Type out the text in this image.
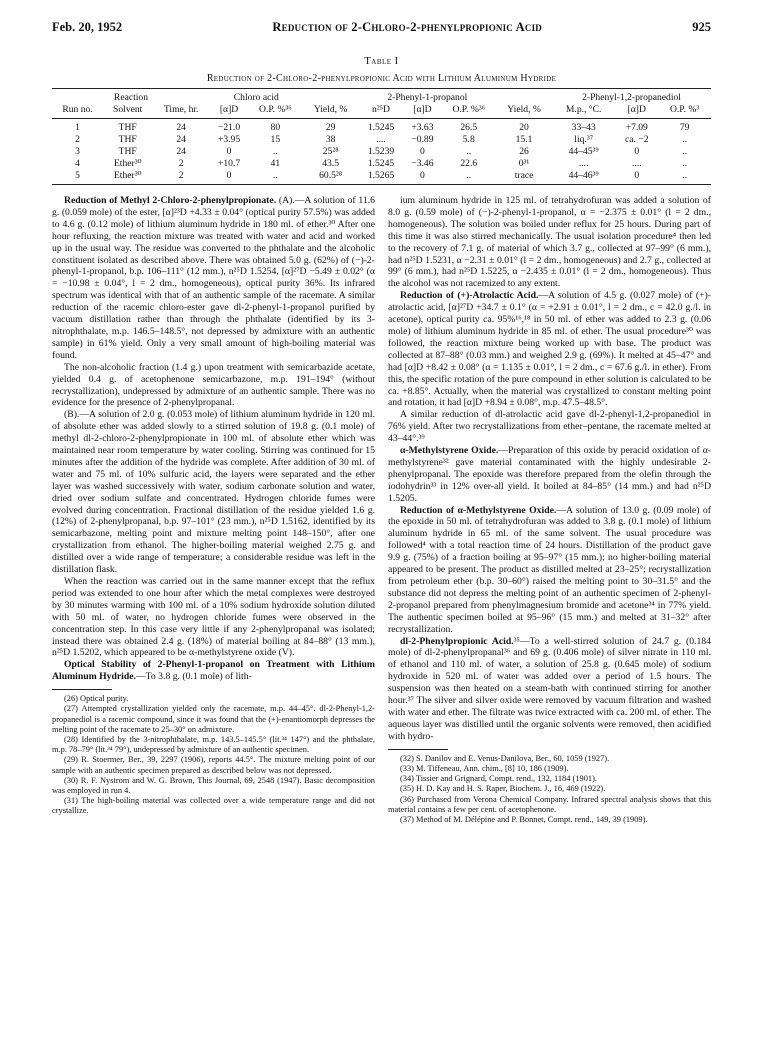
Feb. 20, 1952	Reduction of 2-Chloro-2-phenylpropionic Acid	925
Table I
Reduction of 2-Chloro-2-phenylpropionic Acid with Lithium Aluminum Hydride
Reaction			Chloro acid		2-Phenyl-1-propanol					2-Phenyl-1,2-propanediol		
Run no.	Solvent	Time, hr.	[α]D	O.P. %³⁶	Yield, %	n²⁵D	[α]D	O.P. %³⁶	Yield, %	M.p., °C.	[α]D	O.P. %³
1	THF	24	−21.0	80	29	1.5245	+3.63	26.5	20	33–43	+7.09	79
2	THF	24	+3.95	15	38	....	−0.89	5.8	15.1	liq.³⁷	ca. −2	..
3	THF	24	0	..	25²⁸	1.5239	0	..	26	44–45³⁹	0	..
4	Ether³⁰	2	+10.7	41	43.5	1.5245	−3.46	22.6	0³¹	....	....	..
5	Ether³⁰	2	0	..	60.5²⁸	1.5265	0	..	trace	44–46³⁹	0	..

Reduction of Methyl 2-Chloro-2-phenylpropionate. (A).—A solution of 11.6 g. (0.059 mole) of the ester, [α]²³D +4.33 ± 0.04° (optical purity 57.5%) was added to 4.6 g. (0.12 mole) of lithium aluminum hydride in 180 ml. of ether.³⁰ After one hour refluxing, the reaction mixture was treated with water and acid and worked up in the usual way. The residue was converted to the phthalate and the alcoholic constituent isolated as described above. There was obtained 5.0 g. (62%) of (−)-2-phenyl-1-propanol, b.p. 106–111° (12 mm.), n²⁵D 1.5254, [α]²⁷D −5.49 ± 0.02° (α = −10.98 ± 0.04°, l = 2 dm., homogeneous), optical purity 36%. Its infrared spectrum was identical with that of an authentic sample of the racemate. A similar reduction of the racemic chloro-ester gave dl-2-phenyl-1-propanol purified by vacuum distillation rather than through the phthalate (identified by its 3-nitrophthalate, m.p. 146.5–148.5°, not depressed by admixture with an authentic sample) in 61% yield. Only a very small amount of high-boiling material was found.

The non-alcoholic fraction (1.4 g.) upon treatment with semicarbazide acetate, yielded 0.4 g. of acetophenone semicarbazone, m.p. 191–194° (without recrystallization), undepressed by admixture of an authentic sample. There was no evidence for the presence of 2-phenylpropanal.

(B).—A solution of 2.0 g. (0.053 mole) of lithium aluminum hydride in 120 ml. of absolute ether was added slowly to a stirred solution of 19.8 g. (0.1 mole) of methyl dl-2-chloro-2-phenylpropionate in 100 ml. of absolute ether which was maintained near room temperature by water cooling. Stirring was continued for 15 minutes after the addition of the hydride was complete. After addition of 30 ml. of water and 75 ml. of 10% sulfuric acid, the layers were separated and the ether layer was washed successively with water, sodium carbonate solution and water, dried over sodium sulfate and concentrated. Hydrogen chloride fumes were evolved during concentration. Fractional distillation of the residue yielded 1.6 g. (12%) of 2-phenylpropanal, b.p. 97–101° (23 mm.), n²⁵D 1.5162, identified by its semicarbazone, melting point and mixture melting point 148–150°, after one crystallization from ethanol. The higher-boiling material weighed 2.75 g. and distilled over a wide range of temperature; a considerable residue was left in the distillation flask.

When the reaction was carried out in the same manner except that the reflux period was extended to one hour after which the metal complexes were destroyed by 30 minutes warming with 100 ml. of a 10% sodium hydroxide solution diluted with 50 ml. of water, no hydrogen chloride fumes were observed in the concentration step. In this case very little if any 2-phenylpropanal was isolated; instead there was obtained 2.4 g. (18%) of material boiling at 84–88° (13 mm.), n²⁵D 1.5202, which appeared to be α-methylstyrene oxide (V).

Optical Stability of 2-Phenyl-1-propanol on Treatment with Lithium Aluminum Hydride.—To 3.8 g. (0.1 mole) of lith-

(26) Optical purity.

(27) Attempted crystallization yielded only the racemate, m.p. 44–45°. dl-2-Phenyl-1,2-propanediol is a racemic compound, since it was found that the (+)-enantiomorph depresses the melting point of the racemate to 25–30° on admixture.

(28) Identified by the 3-nitrophthalate, m.p. 143.5–145.5° (lit.³⁴ 147°) and the phthalate, m.p. 78–79° (lit.³⁴ 79°), undepressed by admixture of an authentic specimen.

(29) R. Stoermer, Ber., 39, 2297 (1906), reports 44.5°. The mixture melting point of our sample with an authentic specimen prepared as described below was not depressed.

(30) R. F. Nystrom and W. G. Brown, This Journal, 69, 2548 (1947). Basic decomposition was employed in run 4.

(31) The high-boiling material was collected over a wide temperature range and did not crystallize.

ium aluminum hydride in 125 ml. of tetrahydrofuran was added a solution of 8.0 g. (0.59 mole) of (−)-2-phenyl-1-propanol, α = −2.375 ± 0.01° (l = 2 dm., homogeneous). The solution was boiled under reflux for 25 hours. During part of this time it was also stirred mechanically. The usual isolation procedure⁴ then led to the recovery of 7.1 g. of material of which 3.7 g., collected at 97–99° (6 mm.), had n²⁵D 1.5231, α −2.31 ± 0.01° (l = 2 dm., homogeneous) and 2.7 g., collected at 99° (6 mm.), had n²⁵D 1.5225, α −2.435 ± 0.01° (l = 2 dm., homogeneous). Thus the alcohol was not racemized to any extent.

Reduction of (+)-Atrolactic Acid.—A solution of 4.5 g. (0.027 mole) of (+)-atrolactic acid, [α]²⁷D +34.7 ± 0.1° (α = +2.91 ± 0.01°, l = 2 dm., c = 42.0 g./l. in acetone), optical purity ca. 95%¹⁶,¹⁸ in 50 ml. of ether was added to 2.3 g. (0.06 mole) of lithium aluminum hydride in 85 ml. of ether. The usual procedure³⁰ was followed, the reaction mixture being worked up with base. The product was collected at 87–88° (0.03 mm.) and weighed 2.9 g. (69%). It melted at 45–47° and had [α]D +8.42 ± 0.08° (α = 1.135 ± 0.01°, l = 2 dm., c = 67.6 g./l. in ether). From this, the specific rotation of the pure compound in ether solution is calculated to be ca. +8.85°. Actually, when the material was crystallized to constant melting point and rotation, it had [α]D +8.94 ± 0.08°, m.p. 47.5–48.5°.

A similar reduction of dl-atrolactic acid gave dl-2-phenyl-1,2-propanediol in 76% yield. After two recrystallizations from ether–pentane, the racemate melted at 43–44°.³⁹

α-Methylstyrene Oxide.—Preparation of this oxide by peracid oxidation of α-methylstyrene³² gave material contaminated with the highly undesirable 2-phenylpropanal. The epoxide was therefore prepared from the olefin through the iodohydrin³³ in 12% over-all yield. It boiled at 84–85° (14 mm.) and had n²⁵D 1.5205.

Reduction of α-Methylstyrene Oxide.—A solution of 13.0 g. (0.09 mole) of the epoxide in 50 ml. of tetrahydrofuran was added to 3.8 g. (0.1 mole) of lithium aluminum hydride in 65 ml. of the same solvent. The usual procedure was followed⁴ with a total reaction time of 24 hours. Distillation of the product gave 9.9 g. (75%) of a fraction boiling at 95–97° (15 mm.); no higher-boiling material appeared to be present. The product as distilled melted at 23–25°; recrystallization from petroleum ether (b.p. 30–60°) raised the melting point to 30–31.5° and the substance did not depress the melting point of an authentic specimen of 2-phenyl-2-propanol prepared from phenylmagnesium bromide and acetone³⁴ in 77% yield. The authentic specimen boiled at 95–96° (15 mm.) and melted at 31–32° after recrystallization.

dl-2-Phenylpropionic Acid.³⁵—To a well-stirred solution of 24.7 g. (0.184 mole) of dl-2-phenylpropanal³⁶ and 69 g. (0.406 mole) of silver nitrate in 110 ml. of ethanol and 110 ml. of water, a solution of 25.8 g. (0.645 mole) of sodium hydroxide in 520 ml. of water was added over a period of 1.5 hours. The suspension was then heated on a steam-bath with continued stirring for another hour.³⁷ The silver and silver oxide were removed by vacuum filtration and washed with water and ether. The filtrate was twice extracted with ca. 200 ml. of ether. The aqueous layer was distilled until the organic solvents were removed, then acidified with hydro-

(32) S. Danilov and E. Venus-Danilova, Ber., 60, 1059 (1927).

(33) M. Tiffeneau, Ann. chim., [8] 10, 186 (1909).

(34) Tissier and Grignard, Compt. rend., 132, 1184 (1901).

(35) H. D. Kay and H. S. Raper, Biochem. J., 16, 469 (1922).

(36) Purchased from Verona Chemical Company. Infrared spectral analysis shows that this material contains a few per cent. of acetophenone.

(37) Method of M. Délépine and P. Bonnet, Compt. rend., 149, 39 (1909).
